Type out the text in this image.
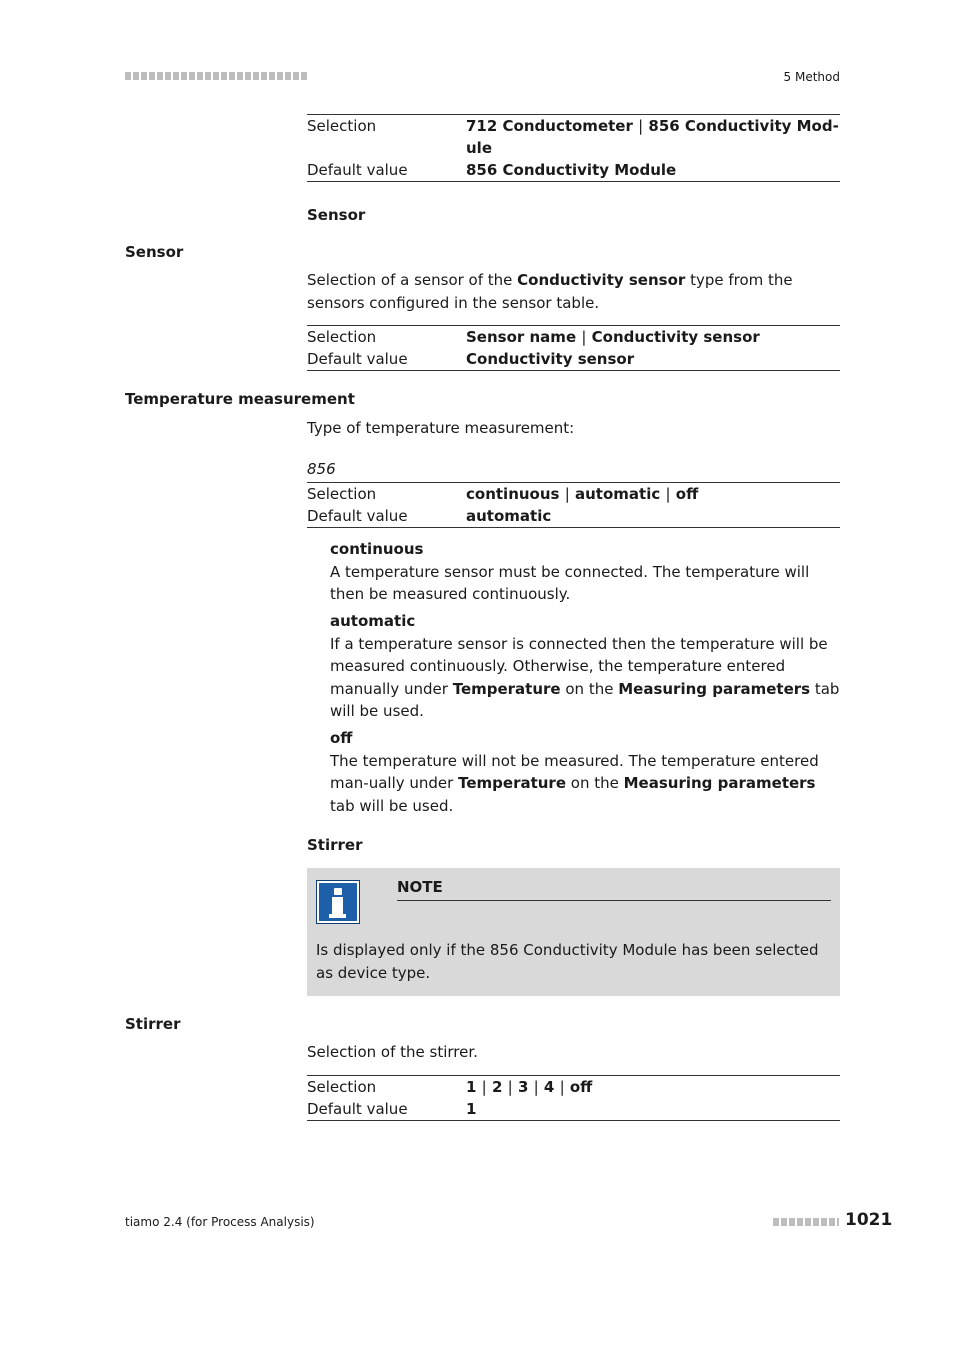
5 Method
Selection	712 Conductometer | 856 Conductivity Mod-
ule
Default value	856 Conductivity Module
Sensor
Sensor
Selection of a sensor of the Conductivity sensor type from the sensors configured in the sensor table.
Selection	Sensor name | Conductivity sensor
Default value	Conductivity sensor
Temperature measurement
Type of temperature measurement:
856
Selection	continuous | automatic | off
Default value	automatic
continuous
A temperature sensor must be connected. The temperature will then be measured continuously.
automatic
If a temperature sensor is connected then the temperature will be measured continuously. Otherwise, the temperature entered manually under Temperature on the Measuring parameters tab will be used.
off
The temperature will not be measured. The temperature entered man-ually under Temperature on the Measuring parameters tab will be used.
Stirrer
NOTE
Is displayed only if the 856 Conductivity Module has been selected as device type.
Stirrer
Selection of the stirrer.
Selection	1 | 2 | 3 | 4 | off
Default value	1
tiamo 2.4 (for Process Analysis)	1021
